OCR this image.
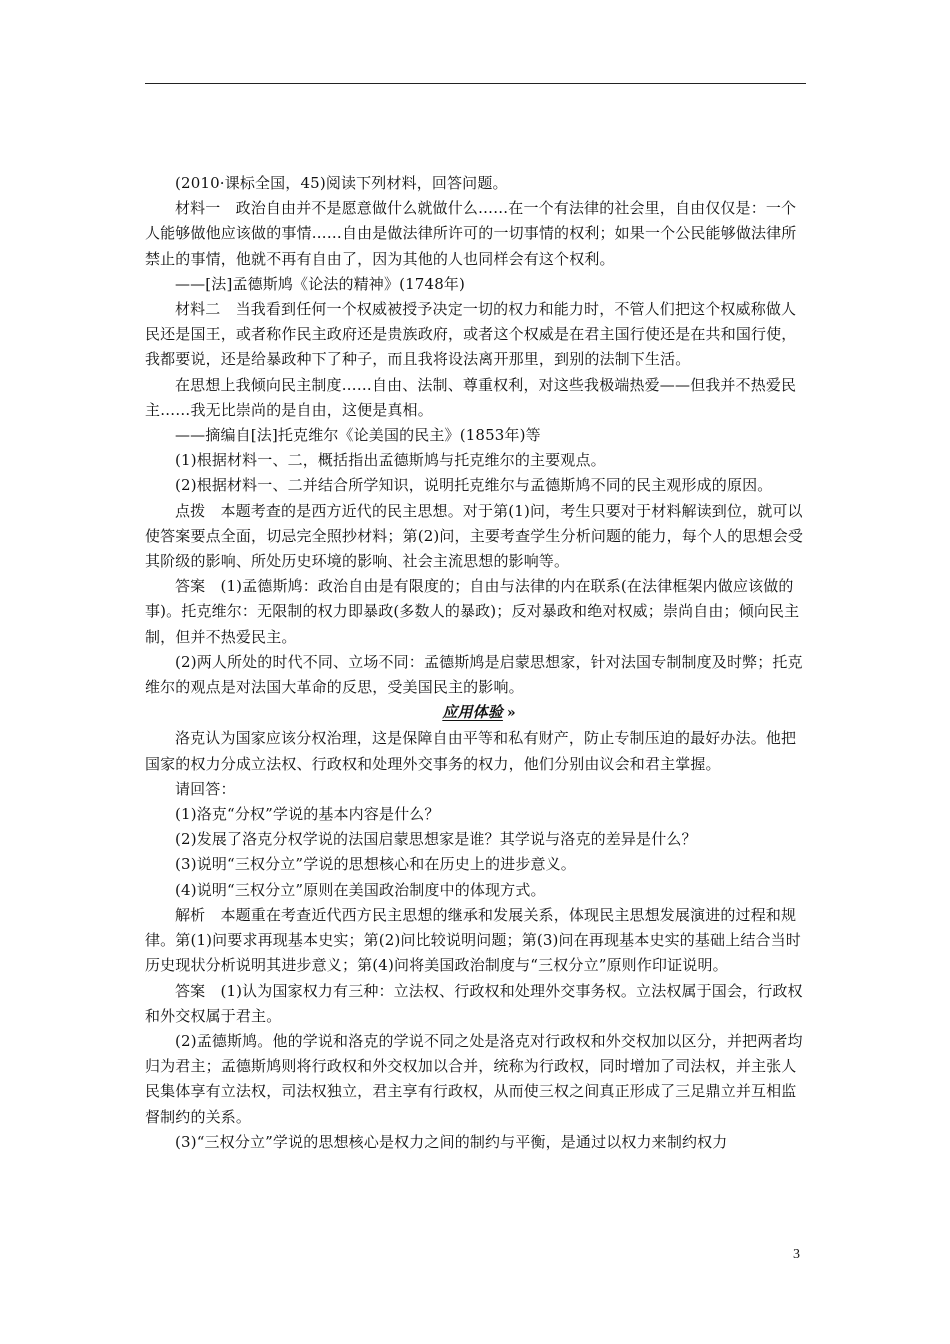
(2010·课标全国，45)阅读下列材料，回答问题。

材料一　政治自由并不是愿意做什么就做什么……在一个有法律的社会里，自由仅仅是：一个人能够做他应该做的事情……自由是做法律所许可的一切事情的权利；如果一个公民能够做法律所禁止的事情，他就不再有自由了，因为其他的人也同样会有这个权利。

——[法]孟德斯鸠《论法的精神》(1748年)

材料二　当我看到任何一个权威被授予决定一切的权力和能力时，不管人们把这个权威称做人民还是国王，或者称作民主政府还是贵族政府，或者这个权威是在君主国行使还是在共和国行使，我都要说，还是给暴政种下了种子，而且我将设法离开那里，到别的法制下生活。

在思想上我倾向民主制度……自由、法制、尊重权利，对这些我极端热爱——但我并不热爱民主……我无比崇尚的是自由，这便是真相。

——摘编自[法]托克维尔《论美国的民主》(1853年)等

(1)根据材料一、二，概括指出孟德斯鸠与托克维尔的主要观点。

(2)根据材料一、二并结合所学知识，说明托克维尔与孟德斯鸠不同的民主观形成的原因。

点拨　本题考查的是西方近代的民主思想。对于第(1)问，考生只要对于材料解读到位，就可以使答案要点全面，切忌完全照抄材料；第(2)问，主要考查学生分析问题的能力，每个人的思想会受其阶级的影响、所处历史环境的影响、社会主流思想的影响等。

答案　(1)孟德斯鸠：政治自由是有限度的；自由与法律的内在联系(在法律框架内做应该做的事)。托克维尔：无限制的权力即暴政(多数人的暴政)；反对暴政和绝对权威；崇尚自由；倾向民主制，但并不热爱民主。

(2)两人所处的时代不同、立场不同：孟德斯鸠是启蒙思想家，针对法国专制制度及时弊；托克维尔的观点是对法国大革命的反思，受美国民主的影响。

应用体验 »

洛克认为国家应该分权治理，这是保障自由平等和私有财产，防止专制压迫的最好办法。他把国家的权力分成立法权、行政权和处理外交事务的权力，他们分别由议会和君主掌握。

请回答：

(1)洛克“分权”学说的基本内容是什么？

(2)发展了洛克分权学说的法国启蒙思想家是谁？其学说与洛克的差异是什么？

(3)说明“三权分立”学说的思想核心和在历史上的进步意义。

(4)说明“三权分立”原则在美国政治制度中的体现方式。

解析　本题重在考查近代西方民主思想的继承和发展关系，体现民主思想发展演进的过程和规律。第(1)问要求再现基本史实；第(2)问比较说明问题；第(3)问在再现基本史实的基础上结合当时历史现状分析说明其进步意义；第(4)问将美国政治制度与“三权分立”原则作印证说明。

答案　(1)认为国家权力有三种：立法权、行政权和处理外交事务权。立法权属于国会，行政权和外交权属于君主。

(2)孟德斯鸠。他的学说和洛克的学说不同之处是洛克对行政权和外交权加以区分，并把两者均归为君主；孟德斯鸠则将行政权和外交权加以合并，统称为行政权，同时增加了司法权，并主张人民集体享有立法权，司法权独立，君主享有行政权，从而使三权之间真正形成了三足鼎立并互相监督制约的关系。

(3)“三权分立”学说的思想核心是权力之间的制约与平衡，是通过以权力来制约权力

3
